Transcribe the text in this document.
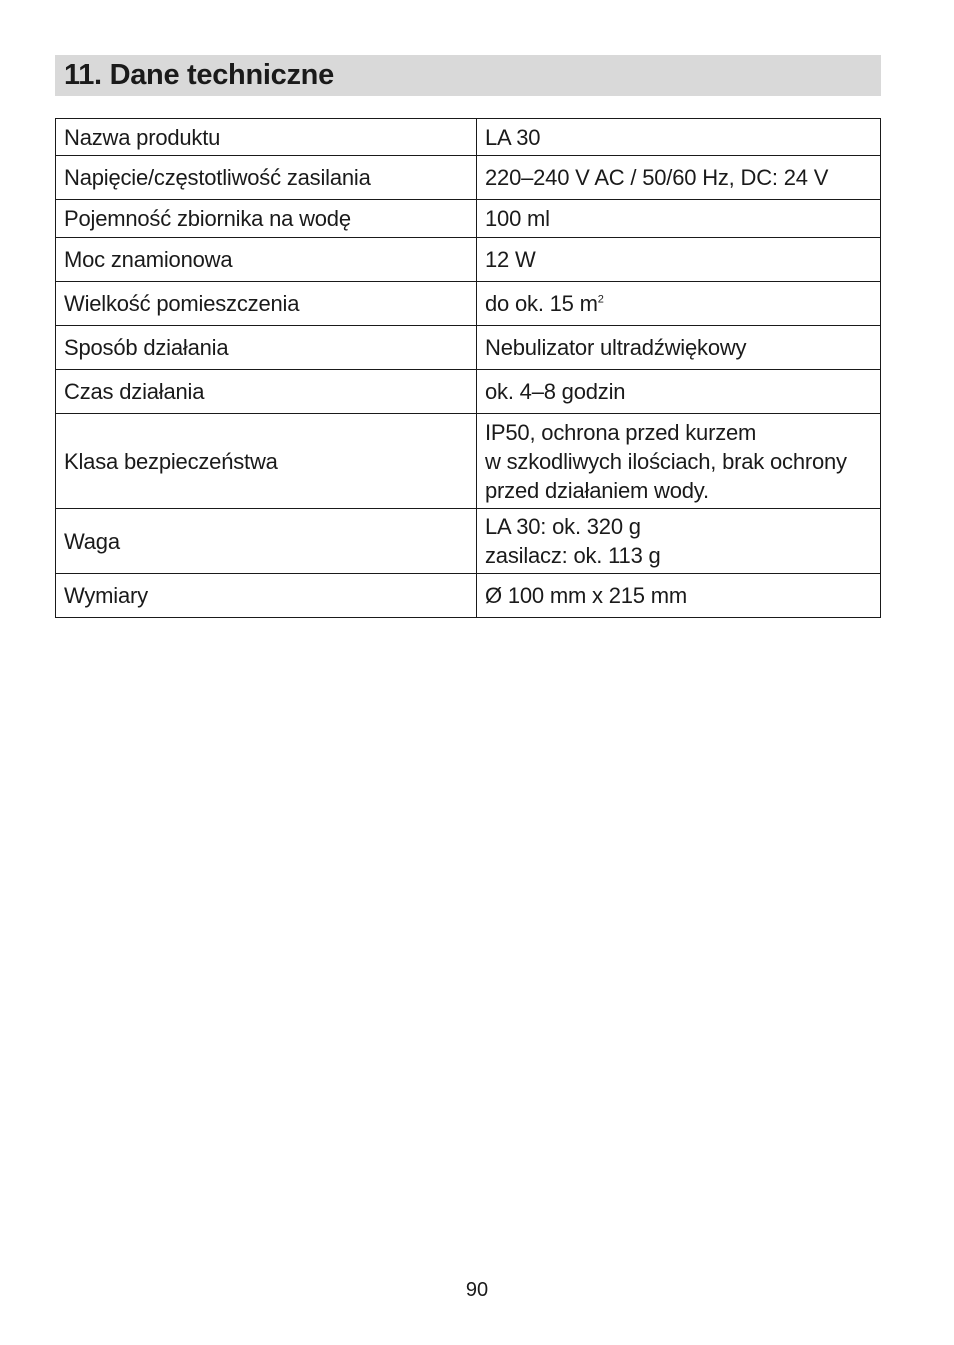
11. Dane techniczne
Nazwa produktu	LA 30
Napięcie/częstotliwość zasilania	220–240 V AC / 50/60 Hz, DC: 24 V
Pojemność zbiornika na wodę	100 ml
Moc znamionowa	12 W
Wielkość pomieszczenia	do ok. 15 $m^2$
Sposób działania	Nebulizator ultradźwiękowy
Czas działania	ok. 4–8 godzin
Klasa bezpieczeństwa	IP50, ochrona przed kurzem
w szkodliwych ilościach, brak ochrony
przed działaniem wody.
Waga	LA 30: ok. 320 g
zasilacz: ok. 113 g
Wymiary	Ø 100 mm x 215 mm
90
